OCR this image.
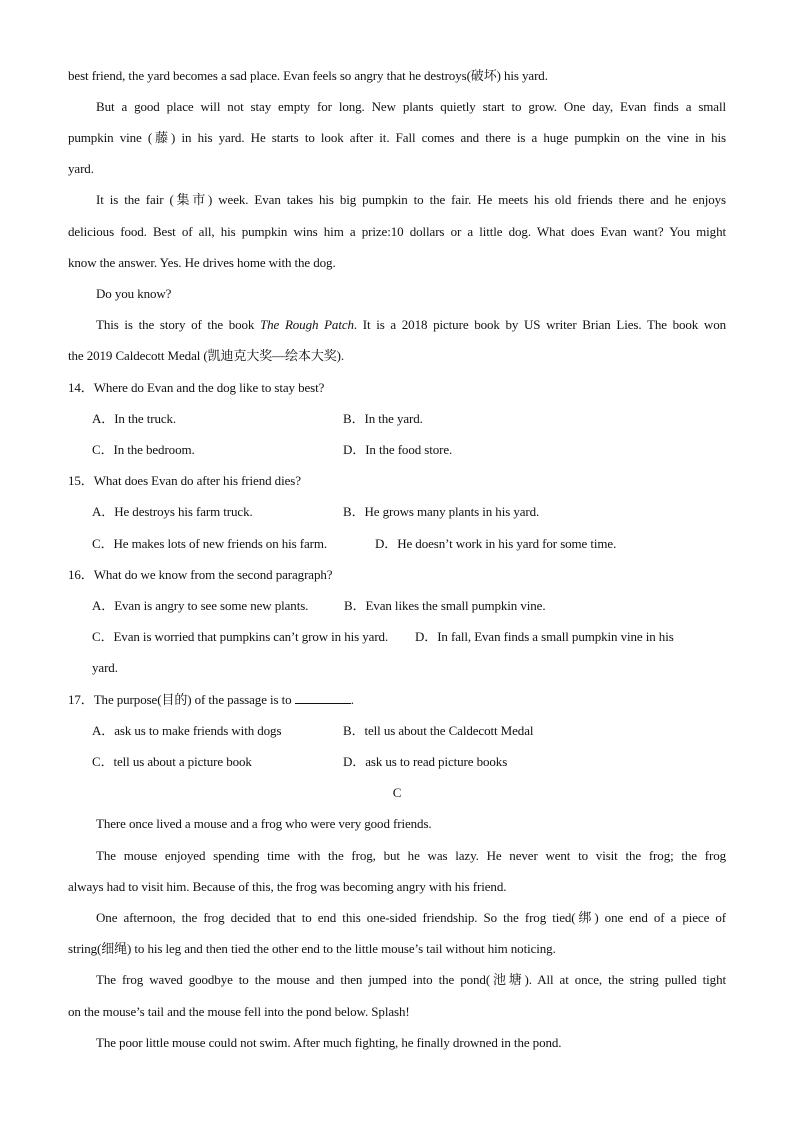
best friend, the yard becomes a sad place. Evan feels so angry that he destroys(破坏) his yard.
But a good place will not stay empty for long. New plants quietly start to grow. One day, Evan finds a small
pumpkin vine (藤) in his yard. He starts to look after it. Fall comes and there is a huge pumpkin on the vine in his
yard.
It is the fair (集市) week. Evan takes his big pumpkin to the fair. He meets his old friends there and he enjoys
delicious food. Best of all, his pumpkin wins him a prize:10 dollars or a little dog. What does Evan want? You might
know the answer. Yes. He drives home with the dog.
Do you know?
This is the story of the book The Rough Patch. It is a 2018 picture book by US writer Brian Lies. The book won
the 2019 Caldecott Medal (凯迪克大奖—绘本大奖).
14．Where do Evan and the dog like to stay best?
A．In the truck.	B．In the yard.
C．In the bedroom.	D．In the food store.
15．What does Evan do after his friend dies?
A．He destroys his farm truck.	B．He grows many plants in his yard.
C．He makes lots of new friends on his farm.	D．He doesn’t work in his yard for some time.
16．What do we know from the second paragraph?
A．Evan is angry to see some new plants.	B．Evan likes the small pumpkin vine.
C．Evan is worried that pumpkins can’t grow in his yard. D．In fall, Evan finds a small pumpkin vine in his
yard.
17．The purpose(目的) of the passage is to	.
A．ask us to make friends with dogs	B．tell us about the Caldecott Medal
C．tell us about a picture book	D．ask us to read picture books
C
There once lived a mouse and a frog who were very good friends.
The mouse enjoyed spending time with the frog, but he was lazy. He never went to visit the frog; the frog
always had to visit him. Because of this, the frog was becoming angry with his friend.
One afternoon, the frog decided that to end this one-sided friendship. So the frog tied(绑) one end of a piece of
string(细绳) to his leg and then tied the other end to the little mouse’s tail without him noticing.
The frog waved goodbye to the mouse and then jumped into the pond(池塘). All at once, the string pulled tight
on the mouse’s tail and the mouse fell into the pond below. Splash!
The poor little mouse could not swim. After much fighting, he finally drowned in the pond.
